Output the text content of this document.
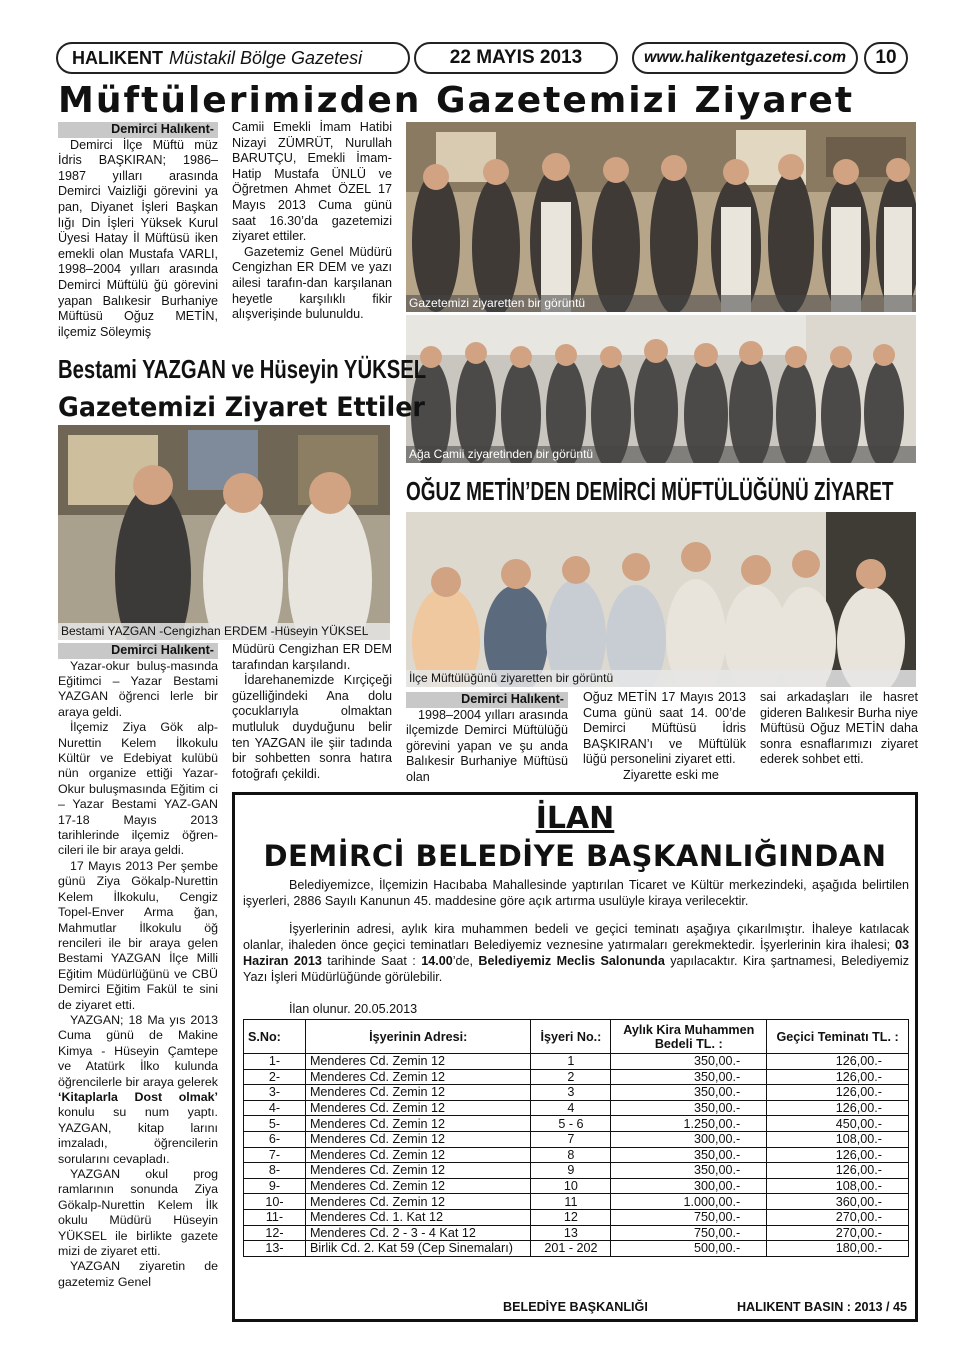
HALIKENT Müstakil Bölge Gazetesi	22 MAYIS 2013	www.halikentgazetesi.com	10
Müftülerimizden Gazetemizi Ziyaret
Demirci Halıkent-

Demirci İlçe Müftü müz İdris BAŞKIRAN; 1986–1987 yılları arasında Demirci Vaizliği görevini ya pan, Diyanet İşleri Başkan lığı Din İşleri Yüksek Kurul Üyesi Hatay İl Müftüsü iken emekli olan Mustafa VARLI, 1998–2004 yılları arasında Demirci Müftülü ğü görevini yapan Balıkesir Burhaniye Müftüsü Oğuz METİN, ilçemiz Söleymiş

Camii Emekli İmam Hatibi Nizayi ZÜMRÜT, Nurullah BARUTÇU, Emekli İmam-Hatip Mustafa ÜNLÜ ve Öğretmen Ahmet ÖZEL 17 Mayıs 2013 Cuma günü saat 16.30’da gazetemizi ziyaret ettiler.

Gazetemiz Genel Müdürü Cengizhan ER DEM ve yazı ailesi tarafın-dan karşılanan heyetle karşılıklı fikir alışverişinde bulunuldu.

Gazetemizi ziyaretten bir görüntü
Ağa Camii ziyaretinden bir görüntü
Bestami YAZGAN ve Hüseyin YÜKSEL
Gazetemizi Ziyaret Ettiler
Bestami YAZGAN -Cengizhan ERDEM -Hüseyin YÜKSEL
OĞUZ METİN’DEN DEMİRCİ MÜFTÜLÜĞÜNÜ ZİYARET
İlçe Müftülüğünü ziyaretten bir görüntü
Demirci Halıkent-

1998–2004 yılları arasında ilçemizde Demirci Müftülüğü görevini yapan ve şu anda Balıkesir Burhaniye Müftüsü olan

Oğuz METİN 17 Mayıs 2013 Cuma günü saat 14. 00’de Demirci Müftüsü İdris BAŞKIRAN’ı ve Müftülük lüğü personelini ziyaret etti.

Ziyarette eski me

sai arkadaşları ile hasret gideren Balıkesir Burha niye Müftüsü Oğuz METİN daha sonra esnaflarımızı ziyaret ederek sohbet etti.

Demirci Halıkent-

Yazar-okur buluş-masında Eğitimci – Yazar Bestami YAZGAN öğrenci lerle bir araya geldi.

İlçemiz Ziya Gök alp-Nurettin Kelem İlkokulu Kültür ve Edebiyat kulübü nün organize ettiği Yazar-Okur buluşmasında Eğitim ci – Yazar Bestami YAZ-GAN 17-18 Mayıs 2013 tarihlerinde ilçemiz öğren-cileri ile bir araya geldi.

17 Mayıs 2013 Per şembe günü Ziya Gökalp-Nurettin Kelem İlkokulu, Cengiz Topel-Enver Arma ğan, Mahmutlar İlkokulu öğ rencileri ile bir araya gelen Bestami YAZGAN İlçe Milli Eğitim Müdürlüğünü ve CBÜ Demirci Eğitim Fakül te sini de ziyaret etti.

YAZGAN; 18 Ma yıs 2013 Cuma günü de Makine Kimya - Hüseyin Çamtepe ve Atatürk İlko kulunda öğrencilerle bir araya gelerek ‘Kitaplarla Dost olmak’ konulu su num yaptı. YAZGAN, kitap larını imzaladı, öğrencilerin sorularını cevapladı.

YAZGAN okul prog ramlarının sonunda Ziya Gökalp-Nurettin Kelem İlk okulu Müdürü Hüseyin YÜKSEL ile birlikte gazete mizi de ziyaret etti.

YAZGAN ziyaretin de gazetemiz Genel

Müdürü Cengizhan ER DEM tarafından karşılandı.

İdarehanemizde Kırçiçeği güzelliğindeki Ana dolu çocuklarıyla olmaktan mutluluk duyduğunu belir ten YAZGAN ile şiir tadında bir sohbetten sonra hatıra fotoğrafı çekildi.

İLAN
DEMİRCİ BELEDİYE BAŞKANLIĞINDAN

Belediyemizce, İlçemizin Hacıbaba Mahallesinde yaptırılan Ticaret ve Kültür merkezindeki, aşağıda belirtilen işyerleri, 2886 Sayılı Kanunun 45. maddesine göre açık artırma usulüyle kiraya verilecektir.

İşyerlerinin adresi, aylık kira muhammen bedeli ve geçici teminatı aşağıya çıkarılmıştır. İhaleye katılacak olanlar, ihaleden önce geçici teminatları Belediyemiz veznesine yatırmaları gerekmektedir. İşyerlerinin kira ihalesi; 03 Haziran 2013 tarihinde Saat : 14.00’de, Belediyemiz Meclis Salonunda yapılacaktır. Kira şartnamesi, Belediyemiz Yazı İşleri Müdürlüğünde görülebilir.

İlan olunur. 20.05.2013
S.No:	İşyerinin Adresi:	İşyeri No.:	Aylık Kira Muhammen Bedeli TL. :	Geçici Teminatı TL. :
1-	Menderes Cd. Zemin 12	1	350,00.-	126,00.-
2-	Menderes Cd. Zemin 12	2	350,00.-	126,00.-
3-	Menderes Cd. Zemin 12	3	350,00.-	126,00.-
4-	Menderes Cd. Zemin 12	4	350,00.-	126,00.-
5-	Menderes Cd. Zemin 12	5 - 6	1.250,00.-	450,00.-
6-	Menderes Cd. Zemin 12	7	300,00.-	108,00.-
7-	Menderes Cd. Zemin 12	8	350,00.-	126,00.-
8-	Menderes Cd. Zemin 12	9	350,00.-	126,00.-
9-	Menderes Cd. Zemin 12	10	300,00.-	108,00.-
10-	Menderes Cd. Zemin 12	11	1.000,00.-	360,00.-
11-	Menderes Cd. 1. Kat 12	12	750,00.-	270,00.-
12-	Menderes Cd. 2 - 3 - 4 Kat 12	13	750,00.-	270,00.-
13-	Birlik Cd. 2. Kat 59 (Cep Sinemaları)	201 - 202	500,00.-	180,00.-
BELEDİYE BAŞKANLIĞI	HALIKENT BASIN : 2013 / 45
